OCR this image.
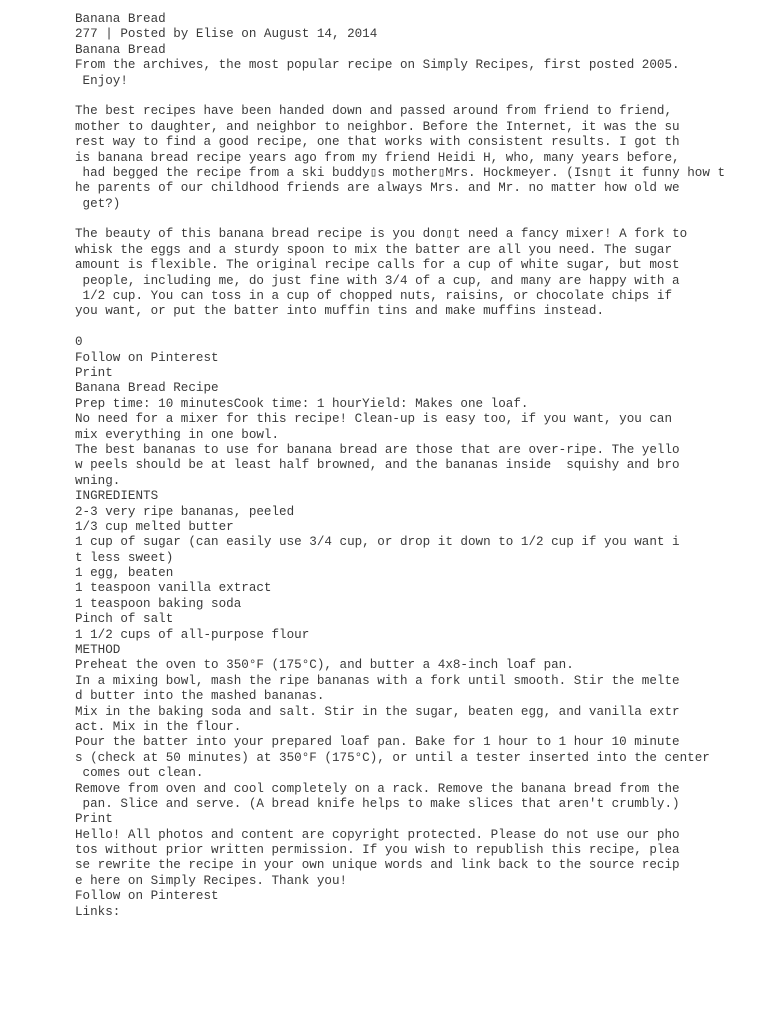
Banana Bread
277 | Posted by Elise on August 14, 2014
Banana Bread
From the archives, the most popular recipe on Simply Recipes, first posted 2005.
Enjoy!
The best recipes have been handed down and passed around from friend to friend,
mother to daughter, and neighbor to neighbor. Before the Internet, it was the su
rest way to find a good recipe, one that works with consistent results. I got th
is banana bread recipe years ago from my friend Heidi H, who, many years before,
had begged the recipe from a ski buddy▯s mother▯Mrs. Hockmeyer. (Isn▯t it funny how t
he parents of our childhood friends are always Mrs. and Mr. no matter how old we
get?)
The beauty of this banana bread recipe is you don▯t need a fancy mixer! A fork to
whisk the eggs and a sturdy spoon to mix the batter are all you need. The sugar
amount is flexible. The original recipe calls for a cup of white sugar, but most
people, including me, do just fine with 3/4 of a cup, and many are happy with a
1/2 cup. You can toss in a cup of chopped nuts, raisins, or chocolate chips if
you want, or put the batter into muffin tins and make muffins instead.
0
Follow on Pinterest
Print
Banana Bread Recipe
Prep time: 10 minutesCook time: 1 hourYield: Makes one loaf.
No need for a mixer for this recipe! Clean-up is easy too, if you want, you can
mix everything in one bowl.
The best bananas to use for banana bread are those that are over-ripe. The yello
w peels should be at least half browned, and the bananas inside  squishy and bro
wning.
INGREDIENTS
2-3 very ripe bananas, peeled
1/3 cup melted butter
1 cup of sugar (can easily use 3/4 cup, or drop it down to 1/2 cup if you want i
t less sweet)
1 egg, beaten
1 teaspoon vanilla extract
1 teaspoon baking soda
Pinch of salt
1 1/2 cups of all-purpose flour
METHOD
Preheat the oven to 350°F (175°C), and butter a 4x8-inch loaf pan.
In a mixing bowl, mash the ripe bananas with a fork until smooth. Stir the melte
d butter into the mashed bananas.
Mix in the baking soda and salt. Stir in the sugar, beaten egg, and vanilla extr
act. Mix in the flour.
Pour the batter into your prepared loaf pan. Bake for 1 hour to 1 hour 10 minute
s (check at 50 minutes) at 350°F (175°C), or until a tester inserted into the center
comes out clean.
Remove from oven and cool completely on a rack. Remove the banana bread from the
pan. Slice and serve. (A bread knife helps to make slices that aren't crumbly.)
Print
Hello! All photos and content are copyright protected. Please do not use our pho
tos without prior written permission. If you wish to republish this recipe, plea
se rewrite the recipe in your own unique words and link back to the source recip
e here on Simply Recipes. Thank you!
Follow on Pinterest
Links:
